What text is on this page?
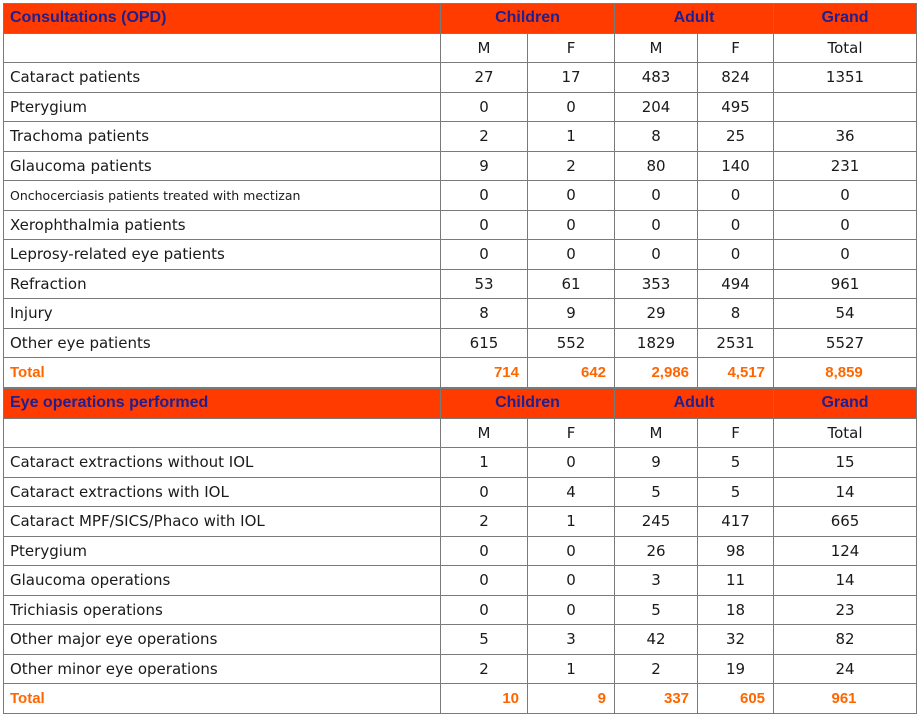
Consultations (OPD)	Children		Adult		Grand
	M	F	M	F	Total
Cataract patients	27	17	483	824	1351
Pterygium	0	0	204	495	
Trachoma patients	2	1	8	25	36
Glaucoma patients	9	2	80	140	231
Onchocerciasis patients treated with mectizan	0	0	0	0	0
Xerophthalmia patients	0	0	0	0	0
Leprosy-related eye patients	0	0	0	0	0
Refraction	53	61	353	494	961
Injury	8	9	29	8	54
Other eye patients	615	552	1829	2531	5527
Total	714	642	2,986	4,517	8,859
Eye operations performed	Children		Adult		Grand
	M	F	M	F	Total
Cataract extractions without IOL	1	0	9	5	15
Cataract extractions with IOL	0	4	5	5	14
Cataract MPF/SICS/Phaco with IOL	2	1	245	417	665
Pterygium	0	0	26	98	124
Glaucoma operations	0	0	3	11	14
Trichiasis operations	0	0	5	18	23
Other major eye operations	5	3	42	32	82
Other minor eye operations	2	1	2	19	24
Total	10	9	337	605	961
